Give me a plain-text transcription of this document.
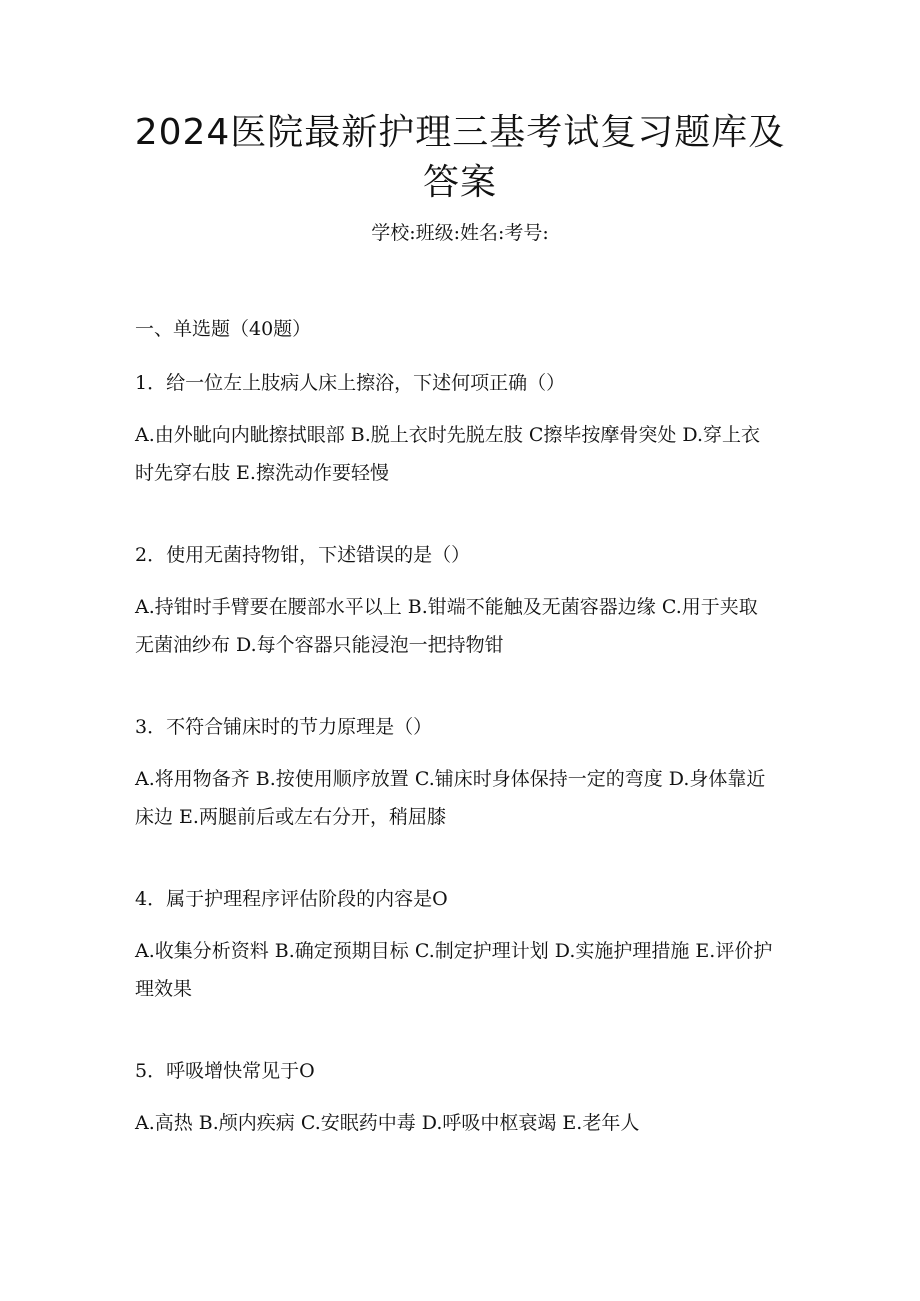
2024医院最新护理三基考试复习题库及答案
学校:班级:姓名:考号:
一、单选题（40题）

1．给一位左上肢病人床上擦浴，下述何项正确（）

A.由外眦向内眦擦拭眼部 B.脱上衣时先脱左肢 C擦毕按摩骨突处 D.穿上衣时先穿右肢 E.擦洗动作要轻慢

2．使用无菌持物钳，下述错误的是（）

A.持钳时手臂要在腰部水平以上 B.钳端不能触及无菌容器边缘 C.用于夹取无菌油纱布 D.每个容器只能浸泡一把持物钳

3．不符合铺床时的节力原理是（）

A.将用物备齐 B.按使用顺序放置 C.铺床时身体保持一定的弯度 D.身体靠近床边 E.两腿前后或左右分开，稍屈膝

4．属于护理程序评估阶段的内容是O

A.收集分析资料 B.确定预期目标 C.制定护理计划 D.实施护理措施 E.评价护理效果

5．呼吸增快常见于O

A.高热 B.颅内疾病 C.安眠药中毒 D.呼吸中枢衰竭 E.老年人
